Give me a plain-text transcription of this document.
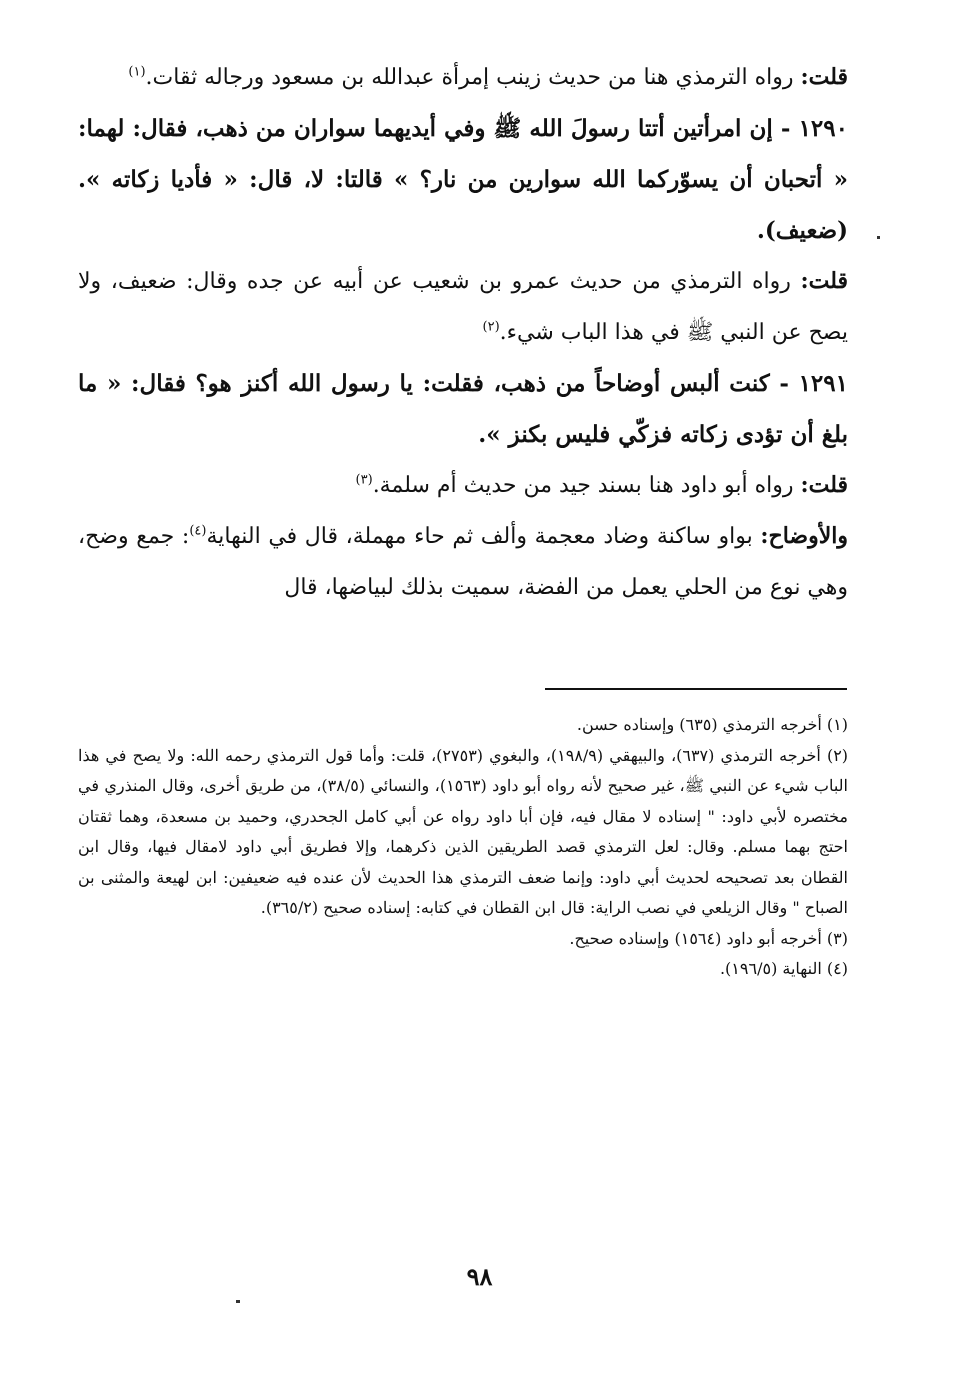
قلت: رواه الترمذي هنا من حديث زينب إمرأة عبدالله بن مسعود ورجاله ثقات.$^{(١)}$

١٢٩٠ - إن امرأتين أتتا رسولَ الله ﷺ وفي أيديهما سواران من ذهب، فقال: لهما: « أتحبان أن يسوّركما الله سوارين من نار؟ » قالتا: لا، قال: « فأديا زكاته ». (ضعيف).

قلت: رواه الترمذي من حديث عمرو بن شعيب عن أبيه عن جده وقال: ضعيف، ولا يصح عن النبي ﷺ في هذا الباب شيء.$^{(٢)}$

١٢٩١ - كنت ألبس أوضاحاً من ذهب، فقلت: يا رسول الله أكنز هو؟ فقال: « ما بلغ أن تؤدى زكاته فزكّي فليس بكنز ».

قلت: رواه أبو داود هنا بسند جيد من حديث أم سلمة.$^{(٣)}$

والأوضاح: بواو ساكنة وضاد معجمة وألف ثم حاء مهملة، قال في النهاية$^{(٤)}$: جمع وضح، وهي نوع من الحلي يعمل من الفضة، سميت بذلك لبياضها، قال

(١) أخرجه الترمذي (٦٣٥) وإسناده حسن.

(٢) أخرجه الترمذي (٦٣٧)، والبيهقي (١٩٨/٩)، والبغوي (٢٧٥٣)، قلت: وأما قول الترمذي رحمه الله: ولا يصح في هذا الباب شيء عن النبي ﷺ، غير صحيح لأنه رواه أبو داود (١٥٦٣)، والنسائي (٣٨/٥)، من طريق أخرى، وقال المنذري في مختصره لأبي داود: " إسناده لا مقال فيه، فإن أبا داود رواه عن أبي كامل الجحدري، وحميد بن مسعدة، وهما ثقتان احتج بهما مسلم. وقال: لعل الترمذي قصد الطريقين الذين ذكرهما، وإلا فطريق أبي داود لامقال فيها، وقال ابن القطان بعد تصحيحه لحديث أبي داود: وإنما ضعف الترمذي هذا الحديث لأن عنده فيه ضعيفين: ابن لهيعة والمثنى بن الصباح " وقال الزيلعي في نصب الراية: قال ابن القطان في كتابه: إسناده صحيح (٣٦٥/٢).

(٣) أخرجه أبو داود (١٥٦٤) وإسناده صحيح.

(٤) النهاية (١٩٦/٥).

٩٨
